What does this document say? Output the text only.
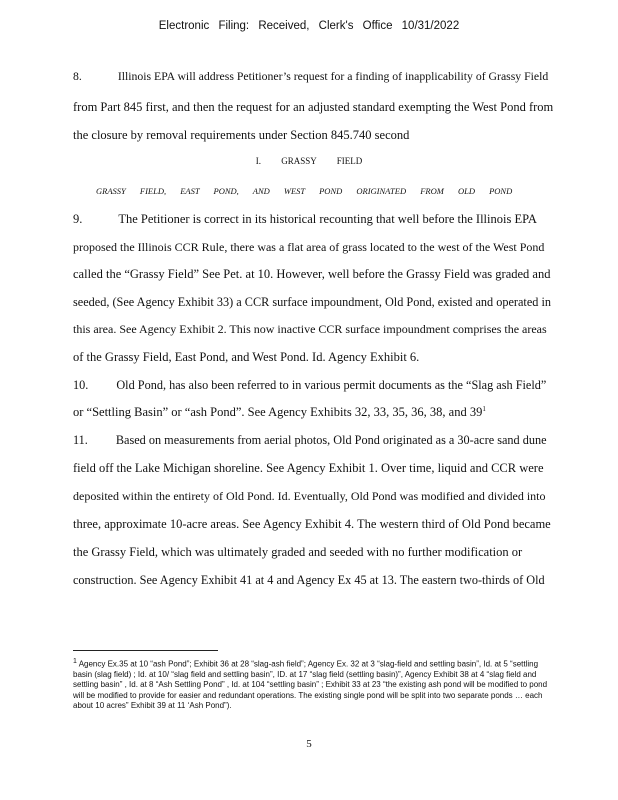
Electronic Filing: Received, Clerk's Office 10/31/2022
8.	Illinois EPA will address Petitioner’s request for a finding of inapplicability of Grassy Field
from Part 845 first, and then the request for an adjusted standard exempting the West Pond from
the closure by removal requirements under Section 845.740 second
I. GRASSY FIELD
GRASSY FIELD, EAST POND, AND WEST POND ORIGINATED FROM OLD POND
9.	The Petitioner is correct in its historical recounting that well before the Illinois EPA
proposed the Illinois CCR Rule, there was a flat area of grass located to the west of the West Pond
called the “Grassy Field” See Pet. at 10. However, well before the Grassy Field was graded and
seeded, (See Agency Exhibit 33) a CCR surface impoundment, Old Pond, existed and operated in
this area. See Agency Exhibit 2. This now inactive CCR surface impoundment comprises the areas
of the Grassy Field, East Pond, and West Pond. Id. Agency Exhibit 6.
10. Old Pond, has also been referred to in various permit documents as the “Slag ash Field”
or “Settling Basin” or “ash Pond”. See Agency Exhibits 32, 33, 35, 36, 38, and $39^1$
11. Based on measurements from aerial photos, Old Pond originated as a 30-acre sand dune
field off the Lake Michigan shoreline. See Agency Exhibit 1. Over time, liquid and CCR were
deposited within the entirety of Old Pond. Id. Eventually, Old Pond was modified and divided into
three, approximate 10-acre areas. See Agency Exhibit 4. The western third of Old Pond became
the Grassy Field, which was ultimately graded and seeded with no further modification or
construction. See Agency Exhibit 41 at 4 and Agency Ex 45 at 13. The eastern two-thirds of Old
$^1$ Agency Ex.35 at 10 “ash Pond”; Exhibit 36 at 28 “slag-ash field”; Agency Ex. 32 at 3 “slag-field and settling basin”, Id. at 5 “settling basin (slag field) ; Id. at 10/ “slag field and settling basin”, ID. at 17 “slag field (settling basin)”, Agency Exhibit 38 at 4 “slag field and settling basin” , Id. at 8 “Ash Settling Pond” , Id. at 104 “settling basin” ; Exhibit 33 at 23 “the existing ash pond will be modified to pond will be modified to provide for easier and redundant operations. The existing single pond will be split into two separate ponds … each about 10 acres” Exhibit 39 at 11 ‘Ash Pond”).
5
